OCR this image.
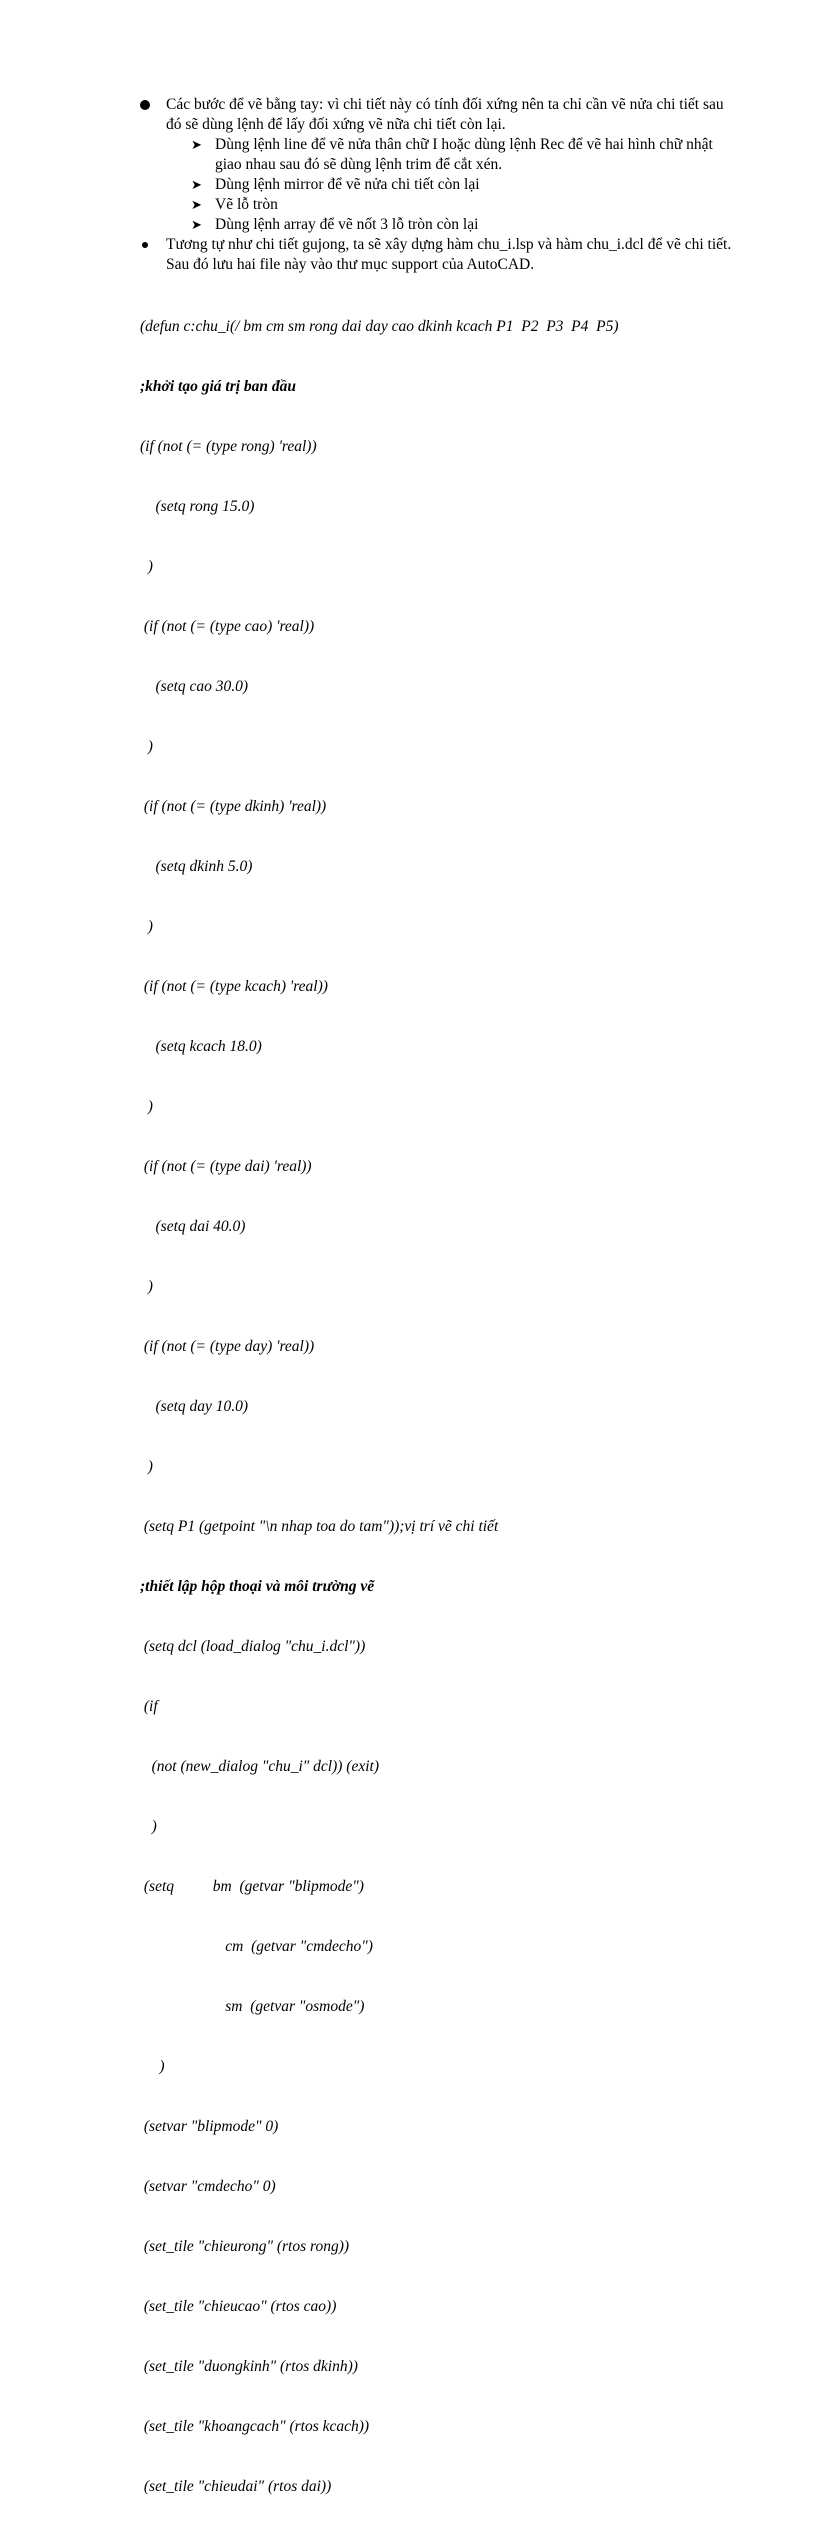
Các bước để vẽ bằng tay: vì chi tiết này có tính đối xứng nên ta chỉ cần vẽ nửa chi tiết sau đó sẽ dùng lệnh để lấy đối xứng vẽ nữa chi tiết còn lại.
➤ Dùng lệnh line để vẽ nửa thân chữ I hoặc dùng lệnh Rec để vẽ hai hình chữ nhật giao nhau sau đó sẽ dùng lệnh trim để cắt xén.
➤ Dùng lệnh mirror để vẽ nửa chi tiết còn lại
➤ Vẽ lỗ tròn
➤ Dùng lệnh array để vẽ nốt 3 lỗ tròn còn lại
Tương tự như chi tiết gujong, ta sẽ xây dựng hàm chu_i.lsp và hàm chu_i.dcl để vẽ chi tiết. Sau đó lưu hai file này vào thư mục support của AutoCAD.

(defun c:chu_i(/ bm cm sm rong dai day cao dkinh kcach P1  P2  P3  P4  P5)

;khởi tạo giá trị ban đầu

(if (not (= (type rong) 'real))

(setq rong 15.0)

)

(if (not (= (type cao) 'real))

(setq cao 30.0)

)

(if (not (= (type dkinh) 'real))

(setq dkinh 5.0)

)

(if (not (= (type kcach) 'real))

(setq kcach 18.0)

)

(if (not (= (type dai) 'real))

(setq dai 40.0)

)

(if (not (= (type day) 'real))

(setq day 10.0)

)

(setq P1 (getpoint "\n nhap toa do tam"));vị trí vẽ chi tiết

;thiết lập hộp thoại và môi trường vẽ

(setq dcl (load_dialog "chu_i.dcl"))

(if

(not (new_dialog "chu_i" dcl)) (exit)

)

(setq          bm  (getvar "blipmode")

cm  (getvar "cmdecho")

sm  (getvar "osmode")

)

(setvar "blipmode" 0)

(setvar "cmdecho" 0)

(set_tile "chieurong" (rtos rong))

(set_tile "chieucao" (rtos cao))

(set_tile "duongkinh" (rtos dkinh))

(set_tile "khoangcach" (rtos kcach))

(set_tile "chieudai" (rtos dai))
